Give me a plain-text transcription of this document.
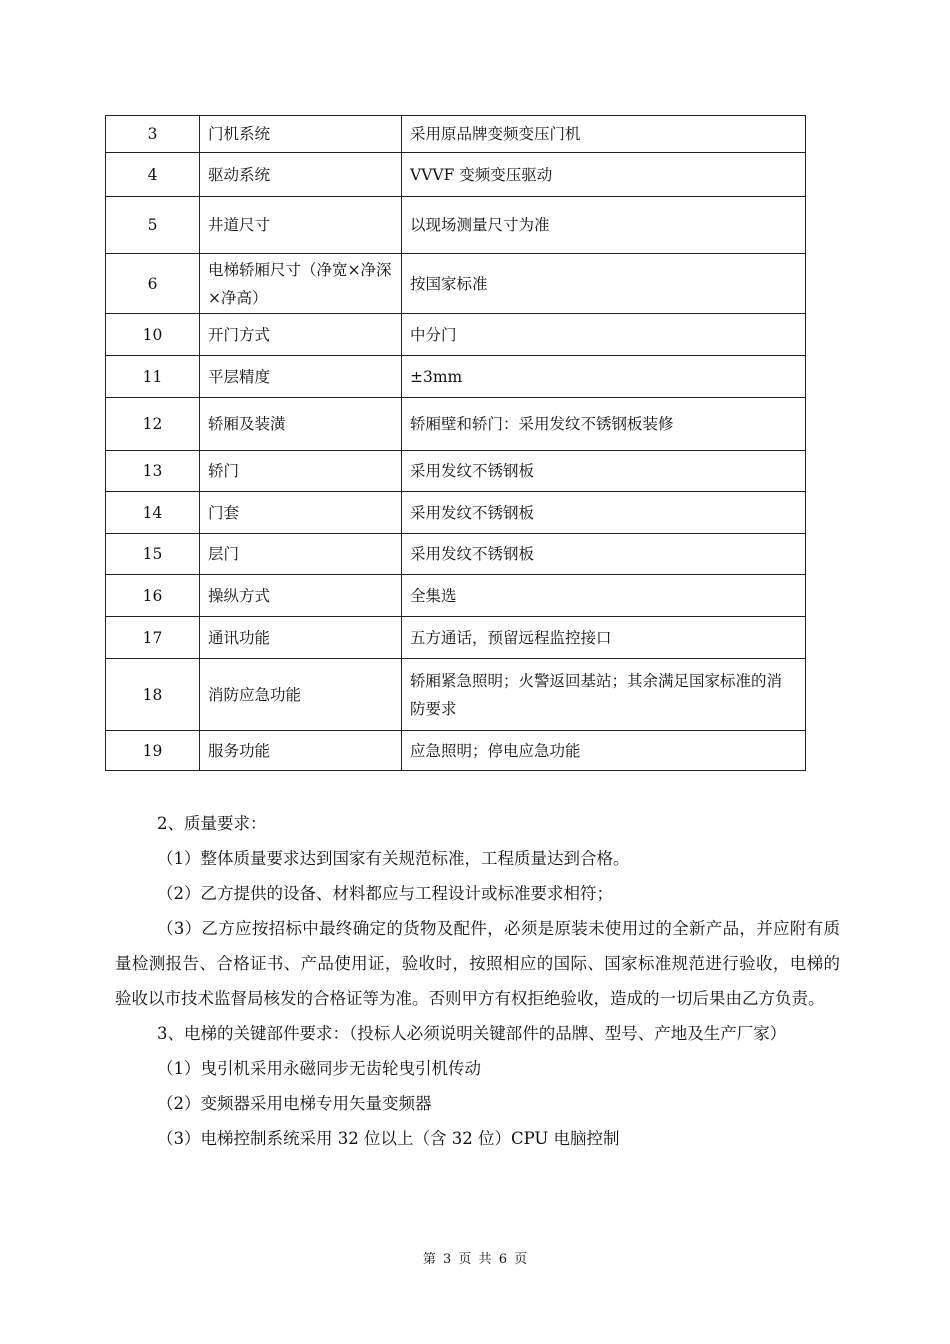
3	门机系统	采用原品牌变频变压门机
4	驱动系统	VVVF 变频变压驱动
5	井道尺寸	以现场测量尺寸为准
6	电梯轿厢尺寸（净宽×净深×净高）	按国家标准
10	开门方式	中分门
11	平层精度	±3mm
12	轿厢及装潢	轿厢壁和轿门：采用发纹不锈钢板装修
13	轿门	采用发纹不锈钢板
14	门套	采用发纹不锈钢板
15	层门	采用发纹不锈钢板
16	操纵方式	全集选
17	通讯功能	五方通话，预留远程监控接口
18	消防应急功能	轿厢紧急照明；火警返回基站；其余满足国家标准的消防要求
19	服务功能	应急照明；停电应急功能

2、质量要求：

（1）整体质量要求达到国家有关规范标准，工程质量达到合格。

（2）乙方提供的设备、材料都应与工程设计或标准要求相符；

（3）乙方应按招标中最终确定的货物及配件，必须是原装未使用过的全新产品，并应附有质量检测报告、合格证书、产品使用证，验收时，按照相应的国际、国家标准规范进行验收，电梯的验收以市技术监督局核发的合格证等为准。否则甲方有权拒绝验收，造成的一切后果由乙方负责。

3、电梯的关键部件要求：（投标人必须说明关键部件的品牌、型号、产地及生产厂家）

（1）曳引机采用永磁同步无齿轮曳引机传动

（2）变频器采用电梯专用矢量变频器

（3）电梯控制系统采用 32 位以上（含 32 位）CPU 电脑控制

第 3 页 共 6 页
